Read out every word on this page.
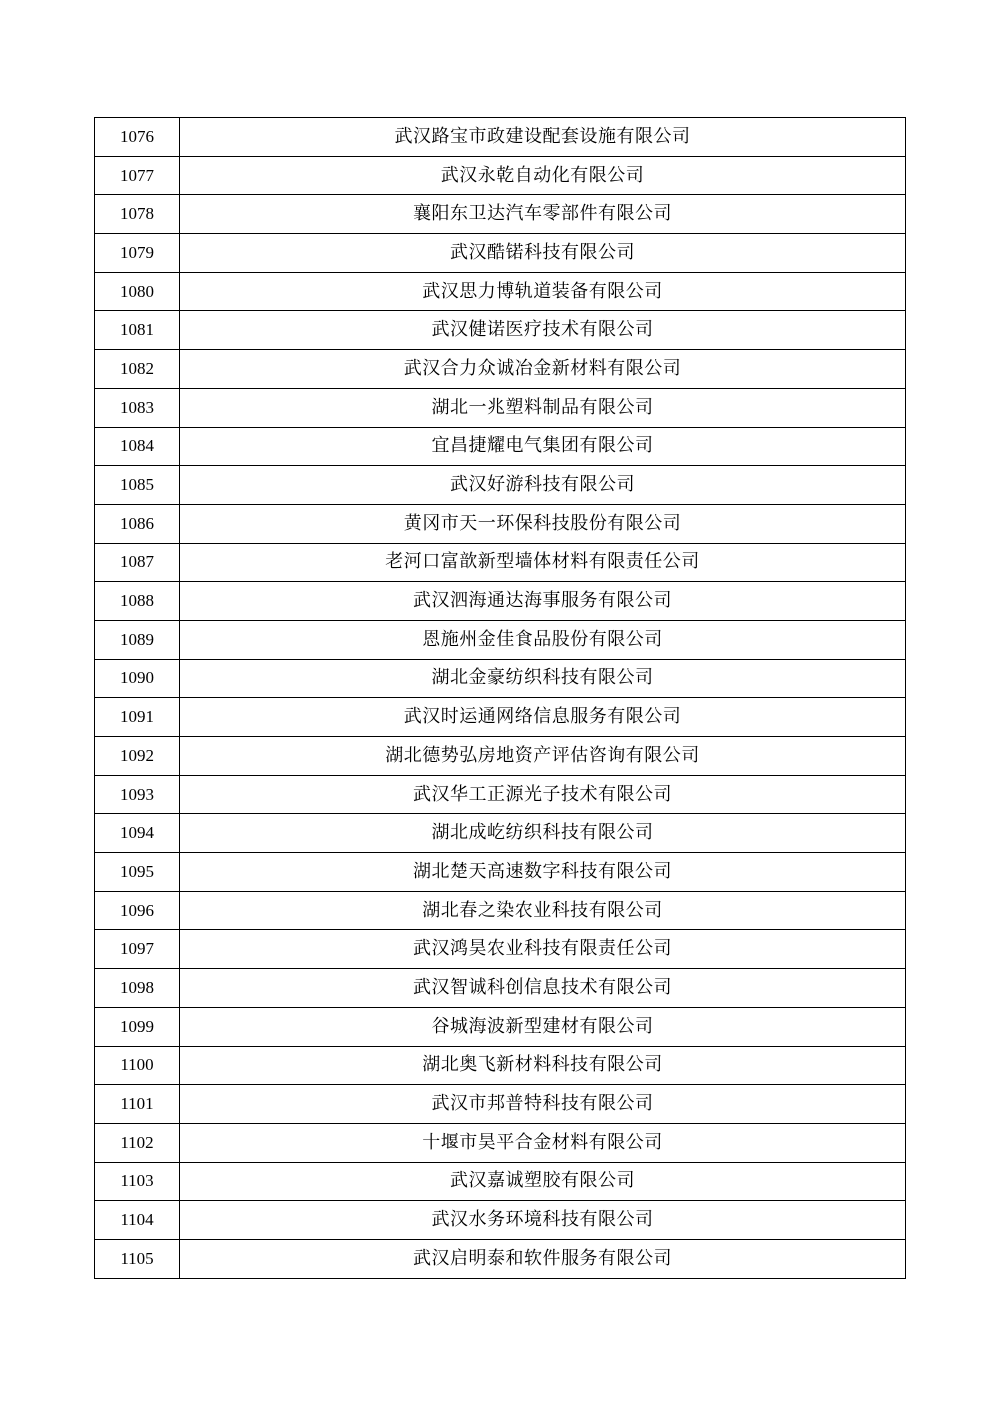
1076	武汉路宝市政建设配套设施有限公司
1077	武汉永乾自动化有限公司
1078	襄阳东卫达汽车零部件有限公司
1079	武汉酷锘科技有限公司
1080	武汉思力博轨道装备有限公司
1081	武汉健诺医疗技术有限公司
1082	武汉合力众诚冶金新材料有限公司
1083	湖北一兆塑料制品有限公司
1084	宜昌捷耀电气集团有限公司
1085	武汉好游科技有限公司
1086	黄冈市天一环保科技股份有限公司
1087	老河口富歆新型墙体材料有限责任公司
1088	武汉泗海通达海事服务有限公司
1089	恩施州金佳食品股份有限公司
1090	湖北金豪纺织科技有限公司
1091	武汉时运通网络信息服务有限公司
1092	湖北德势弘房地资产评估咨询有限公司
1093	武汉华工正源光子技术有限公司
1094	湖北成屹纺织科技有限公司
1095	湖北楚天高速数字科技有限公司
1096	湖北春之染农业科技有限公司
1097	武汉鸿昊农业科技有限责任公司
1098	武汉智诚科创信息技术有限公司
1099	谷城海波新型建材有限公司
1100	湖北奥飞新材料科技有限公司
1101	武汉市邦普特科技有限公司
1102	十堰市昊平合金材料有限公司
1103	武汉嘉诚塑胶有限公司
1104	武汉水务环境科技有限公司
1105	武汉启明泰和软件服务有限公司
